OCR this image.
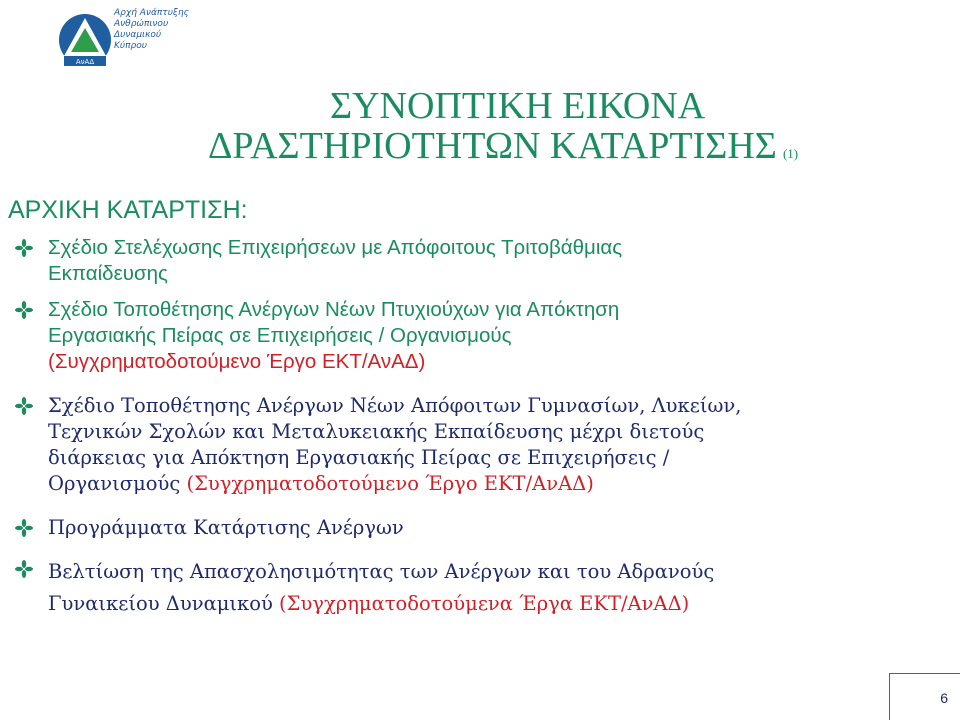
ΑνΑΔ
Αρχή Ανάπτυξης
Ανθρώπινου
Δυναμικού
Κύπρου
ΣΥΝΟΠΤΙΚΗ ΕΙΚΟΝΑ
ΔΡΑΣΤΗΡΙΟΤΗΤΩΝ ΚΑΤΑΡΤΙΣΗΣ (1)
ΑΡΧΙΚΗ ΚΑΤΑΡΤΙΣΗ:
Σχέδιο Στελέχωσης Επιχειρήσεων με Απόφοιτους Τριτοβάθμιας
Εκπαίδευσης
Σχέδιο Τοποθέτησης Ανέργων Νέων Πτυχιούχων για Απόκτηση
Εργασιακής Πείρας σε Επιχειρήσεις / Οργανισμούς
(Συγχρηματοδοτούμενο Έργο ΕΚΤ/ΑνΑΔ)
Σχέδιο Τοποθέτησης Ανέργων Νέων Απόφοιτων Γυμνασίων, Λυκείων,
Τεχνικών Σχολών και Μεταλυκειακής Εκπαίδευσης μέχρι διετούς
διάρκειας για Απόκτηση Εργασιακής Πείρας σε Επιχειρήσεις /
Οργανισμούς (Συγχρηματοδοτούμενο Έργο ΕΚΤ/ΑνΑΔ)
Προγράμματα Κατάρτισης Ανέργων
Βελτίωση της Απασχολησιμότητας των Ανέργων και του Αδρανούς
Γυναικείου Δυναμικού (Συγχρηματοδοτούμενα Έργα ΕΚΤ/ΑνΑΔ)
6
